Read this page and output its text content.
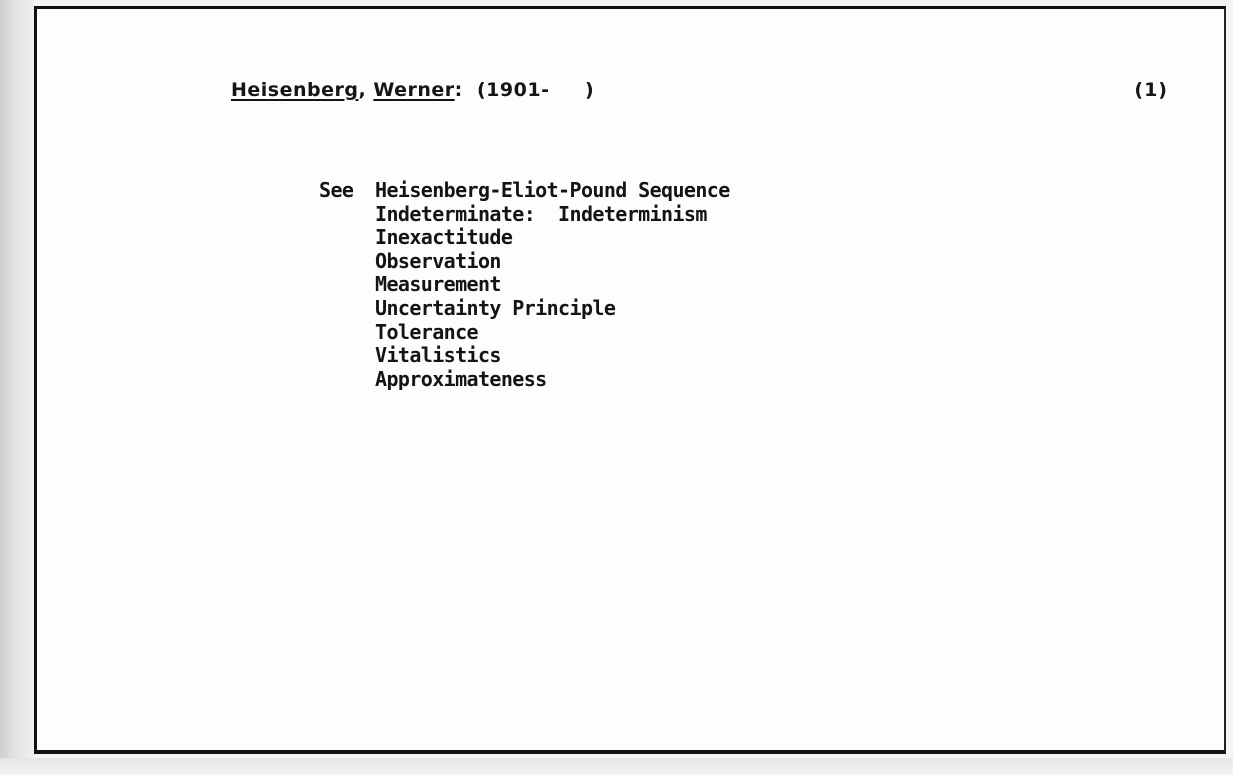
Heisenberg, Werner: (1901-     )	(1)
See Heisenberg-Eliot-Pound Sequence
Indeterminate:  Indeterminism
Inexactitude
Observation
Measurement
Uncertainty Principle
Tolerance
Vitalistics
Approximateness
